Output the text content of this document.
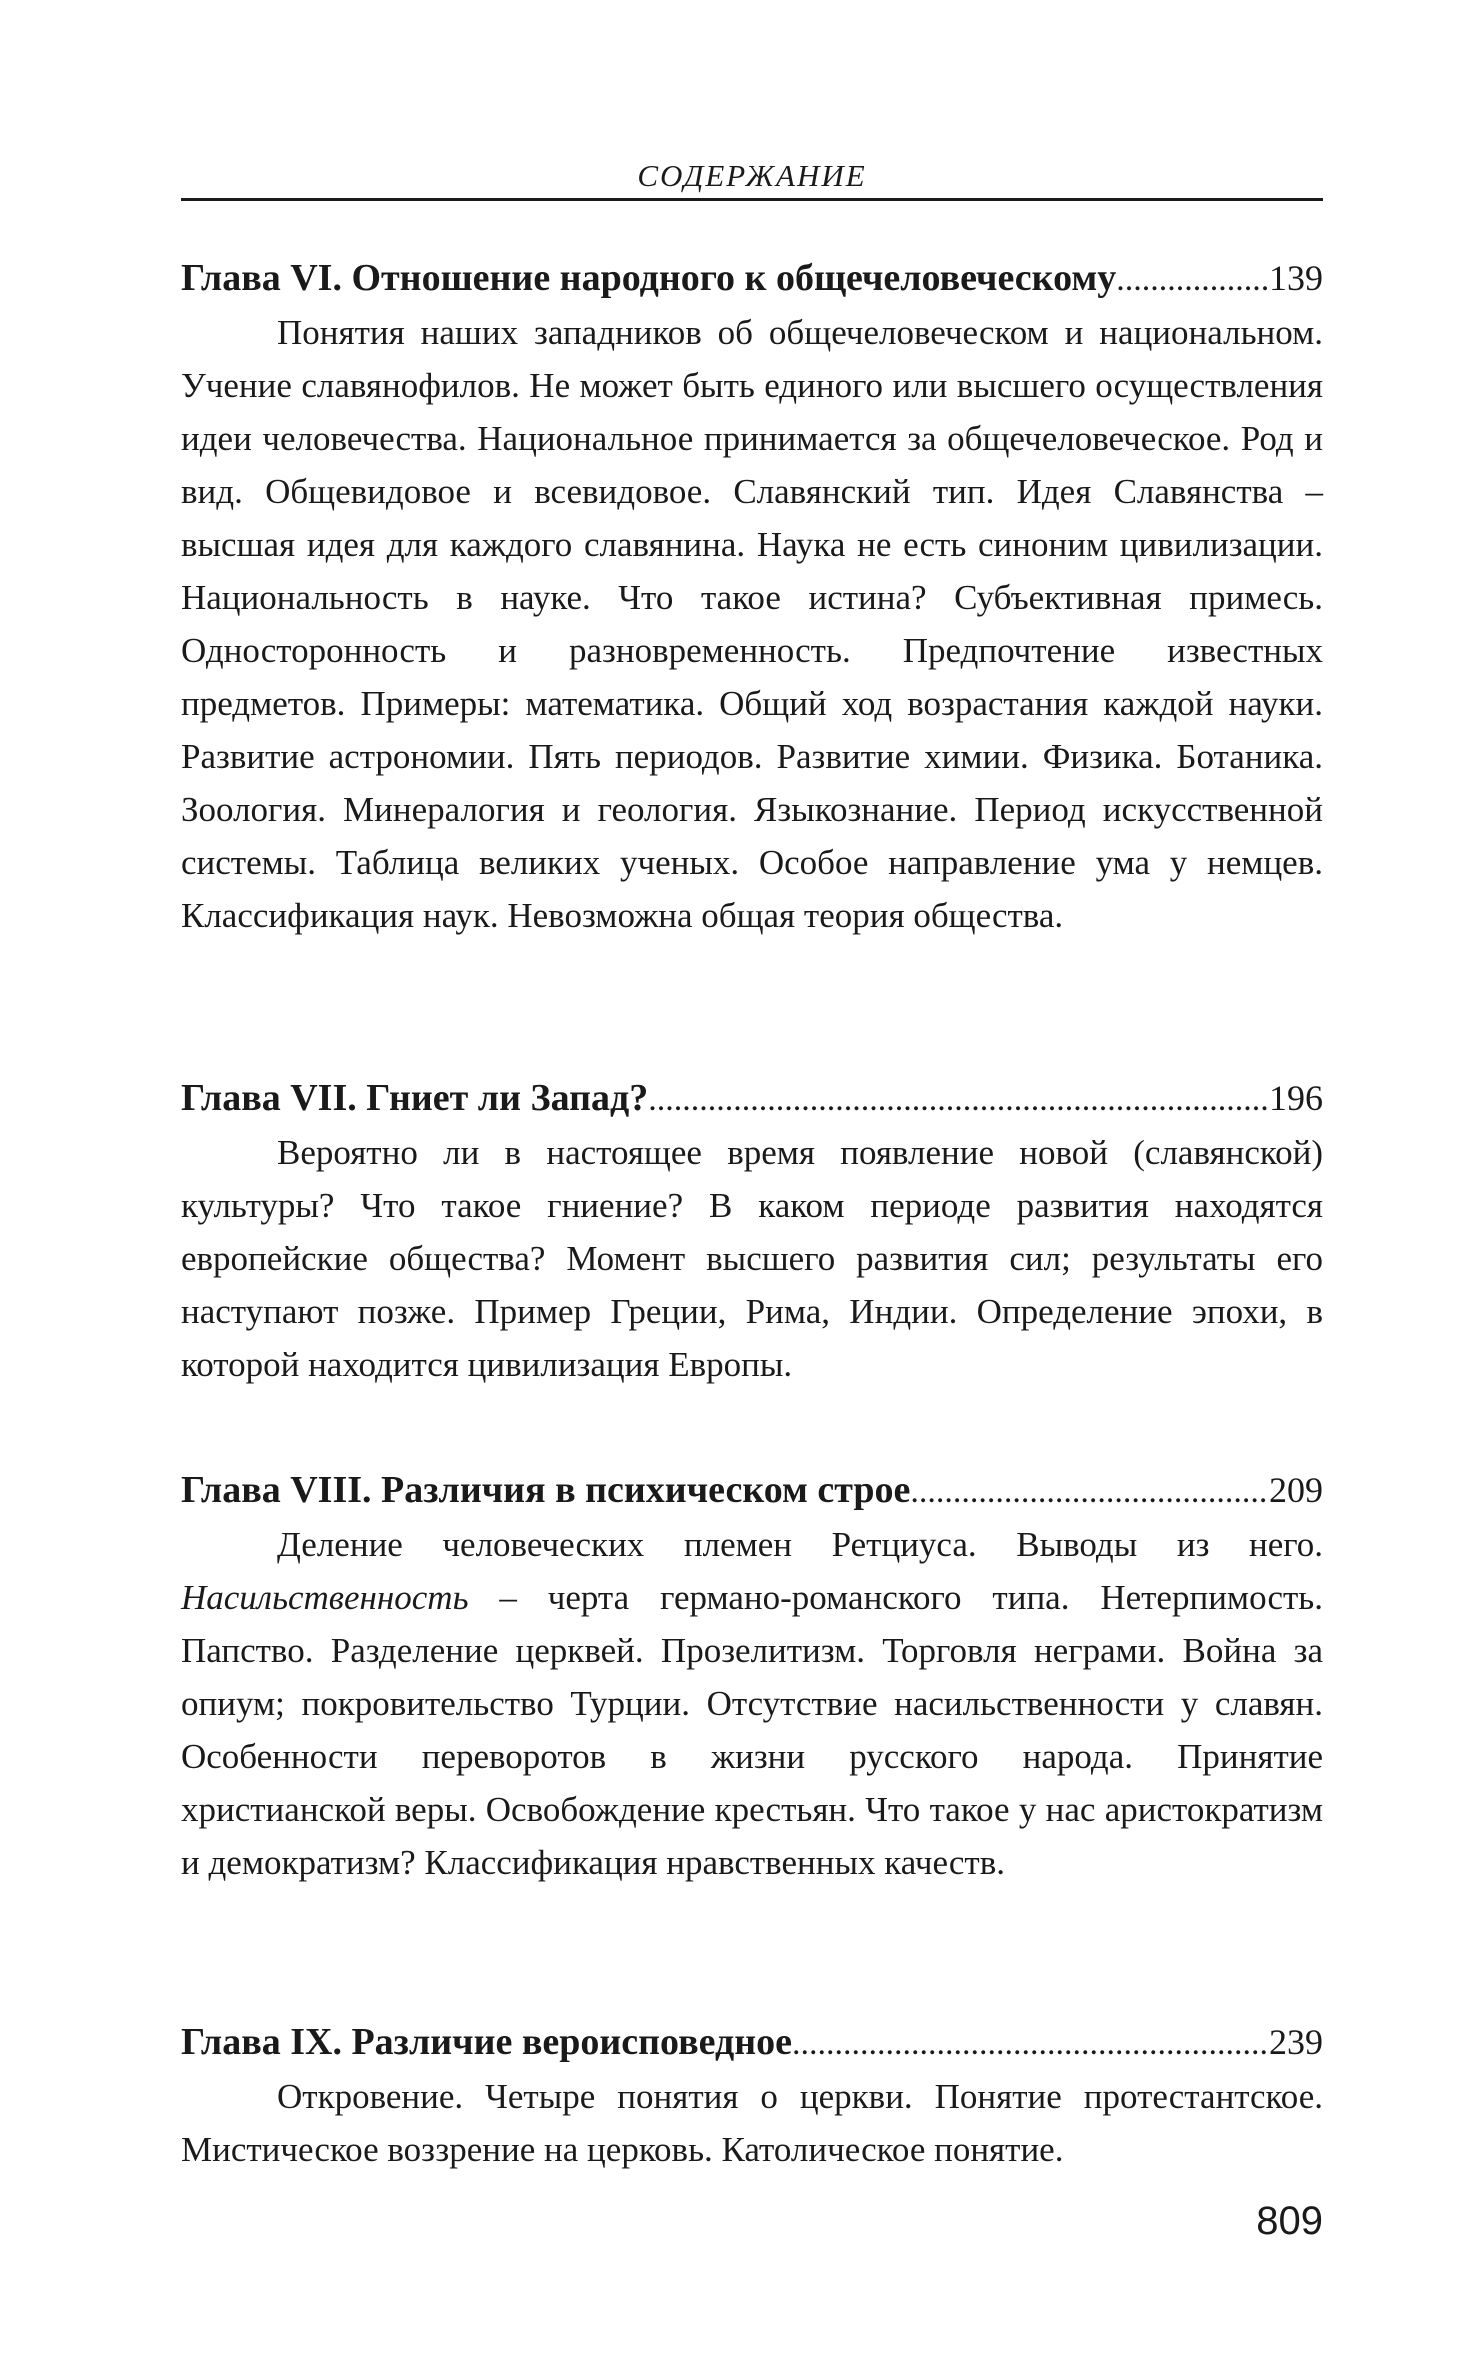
СОДЕРЖАНИЕ
Глава VI. Отношение народного к общечеловеческому .....	139

Понятия наших западников об общечеловеческом и национальном. Учение славянофилов. Не может быть единого или высшего осуществления идеи человечества. Национальное принимается за общечеловеческое. Род и вид. Общевидовое и всевидовое. Славянский тип. Идея Славянства – высшая идея для каждого славянина. Наука не есть синоним цивилизации. Национальность в науке. Что такое истина? Субъективная примесь. Односторонность и разновременность. Предпочтение известных предметов. Примеры: математика. Общий ход возрастания каждой науки. Развитие астрономии. Пять периодов. Развитие химии. Физика. Ботаника. Зоология. Минералогия и геология. Языкознание. Период искусственной системы. Таблица великих ученых. Особое направление ума у немцев. Классификация наук. Невозможна общая теория общества.

Глава VII. Гниет ли Запад? .....	196

Вероятно ли в настоящее время появление новой (славянской) культуры? Что такое гниение? В каком периоде развития находятся европейские общества? Момент высшего развития сил; результаты его наступают позже. Пример Греции, Рима, Индии. Определение эпохи, в которой находится цивилизация Европы.

Глава VIII. Различия в психическом строе .....	209

Деление человеческих племен Ретциуса. Выводы из него. Насильственность – черта германо-романского типа. Нетерпимость. Папство. Разделение церквей. Прозелитизм. Торговля неграми. Война за опиум; покровительство Турции. Отсутствие насильственности у славян. Особенности переворотов в жизни русского народа. Принятие христианской веры. Освобождение крестьян. Что такое у нас аристократизм и демократизм? Классификация нравственных качеств.

Глава IX. Различие вероисповедное .....	239

Откровение. Четыре понятия о церкви. Понятие протестантское. Мистическое воззрение на церковь. Католическое понятие.

809
